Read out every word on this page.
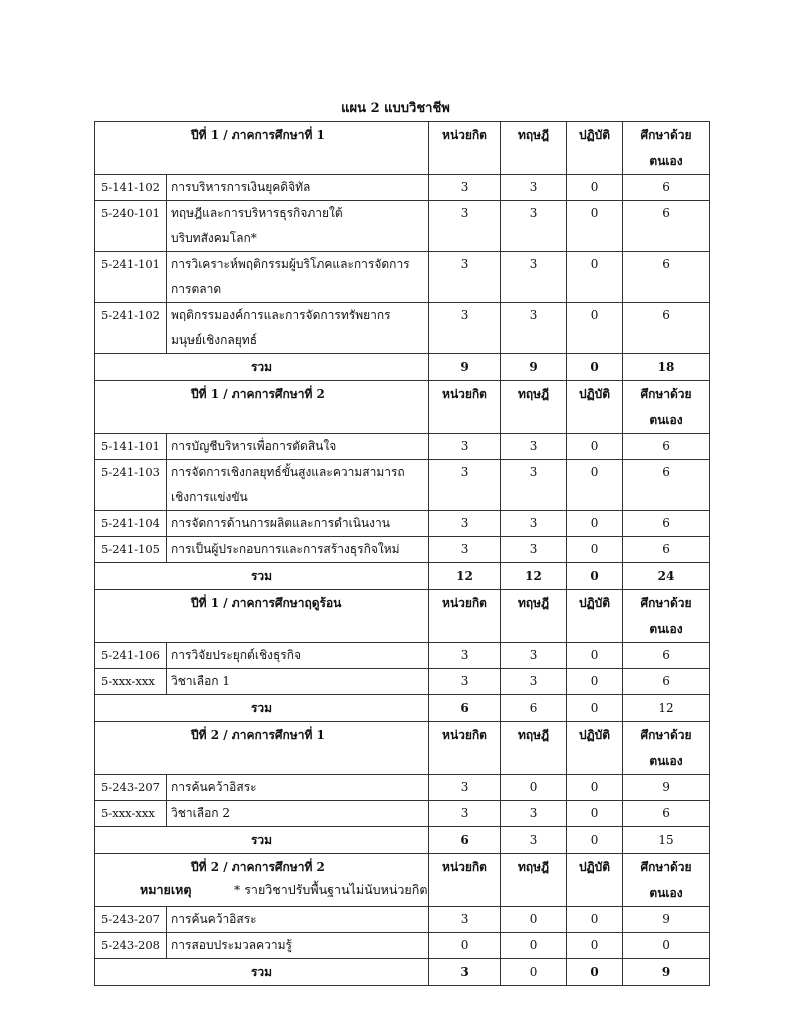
แผน 2 แบบวิชาชีพ
ปีที่ 1 / ภาคการศึกษาที่ 1		หน่วยกิต	ทฤษฎี	ปฏิบัติ	ศึกษาด้วยตนเอง
5-141-102	การบริหารการเงินยุคดิจิทัล	3	3	0	6
5-240-101	ทฤษฎีและการบริหารธุรกิจภายใต้
บริบทสังคมโลก*	3	3	0	6
5-241-101	การวิเคราะห์พฤติกรรมผู้บริโภคและการจัดการ
การตลาด	3	3	0	6
5-241-102	พฤติกรรมองค์การและการจัดการทรัพยากร
มนุษย์เชิงกลยุทธ์	3	3	0	6
รวม		9	9	0	18
ปีที่ 1 / ภาคการศึกษาที่ 2		หน่วยกิต	ทฤษฎี	ปฏิบัติ	ศึกษาด้วยตนเอง
5-141-101	การบัญชีบริหารเพื่อการตัดสินใจ	3	3	0	6
5-241-103	การจัดการเชิงกลยุทธ์ขั้นสูงและความสามารถ
เชิงการแข่งขัน	3	3	0	6
5-241-104	การจัดการด้านการผลิตและการดำเนินงาน	3	3	0	6
5-241-105	การเป็นผู้ประกอบการและการสร้างธุรกิจใหม่	3	3	0	6
รวม		12	12	0	24
ปีที่ 1 / ภาคการศึกษาฤดูร้อน		หน่วยกิต	ทฤษฎี	ปฏิบัติ	ศึกษาด้วยตนเอง
5-241-106	การวิจัยประยุกต์เชิงธุรกิจ	3	3	0	6
5-xxx-xxx	วิชาเลือก 1	3	3	0	6
รวม		6	6	0	12
ปีที่ 2 / ภาคการศึกษาที่ 1		หน่วยกิต	ทฤษฎี	ปฏิบัติ	ศึกษาด้วยตนเอง
5-243-207	การค้นคว้าอิสระ	3	0	0	9
5-xxx-xxx	วิชาเลือก 2	3	3	0	6
รวม		6	3	0	15
ปีที่ 2 / ภาคการศึกษาที่ 2		หน่วยกิต	ทฤษฎี	ปฏิบัติ	ศึกษาด้วยตนเอง
5-243-207	การค้นคว้าอิสระ	3	0	0	9
5-243-208	การสอบประมวลความรู้	0	0	0	0
รวม		3	0	0	9
หมายเหตุ	* รายวิชาปรับพื้นฐานไม่นับหน่วยกิต
